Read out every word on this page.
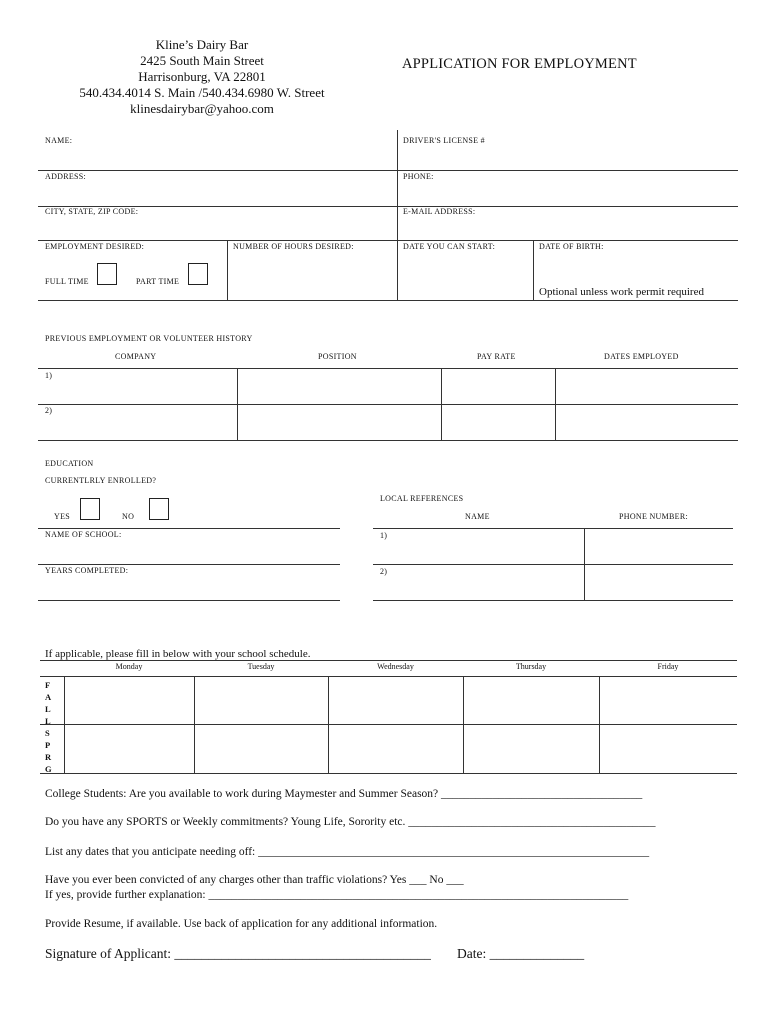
Kline’s Dairy Bar
2425 South Main Street
Harrisonburg, VA 22801
540.434.4014 S. Main /540.434.6980 W. Street
klinesdairybar@yahoo.com
APPLICATION FOR EMPLOYMENT
NAME:	DRIVER'S LICENSE #
ADDRESS:	PHONE:
CITY, STATE, ZIP CODE:	E-MAIL ADDRESS:
EMPLOYMENT DESIRED:	NUMBER OF HOURS DESIRED:	DATE YOU CAN START:	DATE OF BIRTH:
FULL TIME	PART TIME
Optional unless work permit required
PREVIOUS EMPLOYMENT OR VOLUNTEER HISTORY
COMPANY	POSITION	PAY RATE	DATES EMPLOYED
1)
2)
EDUCATION
CURRENTLRLY ENROLLED?
YES	NO
NAME OF SCHOOL:
YEARS COMPLETED:
LOCAL REFERENCES
NAME	PHONE NUMBER:
1)
2)
If applicable, please fill in below with your school schedule.
Monday	Tuesday	Wednesday	Thursday	Friday
F
A
L
L
S
P
R
G
College Students: Are you available to work during Maymester and Summer Season? ___________________________________
Do you have any SPORTS or Weekly commitments? Young Life, Sorority etc. ___________________________________________
List any dates that you anticipate needing off: ____________________________________________________________________
Have you ever been convicted of any charges other than traffic violations? Yes ___ No ___
If yes, provide further explanation: _________________________________________________________________________
Provide Resume, if available. Use back of application for any additional information.
Signature of Applicant: ______________________________________ Date: ______________
